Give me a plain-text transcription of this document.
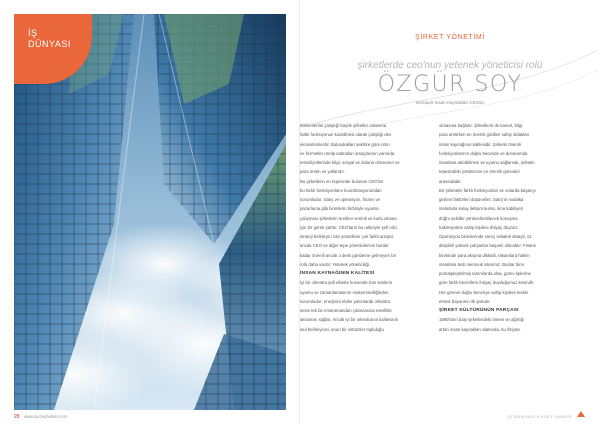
İŞ
DÜNYASI
28 www.kuzeyhaber.com
ŞİRKET YÖNETİMİ
şirketlerde ceo'nun yetenek yöneticisi rolü
ÖZGÜR SOY
Europort İnsan Kaynakları CEOsu

Birikimlerimi çalıştığı büyük şirketler ortamına

farklı fonksiyonun koordinesi olarak çalıştığı dev

ekosistemlerdir. Bulundukları sektöre göre ürün

ve hizmetler üretip satmaları amaçlarının yanında

temsiliyetlerinde bilgi, sosyal ve doluna olmasının ve

para üretin ve yollarıdır.

Bu şirketlerin en tepesinde bulunan CEO'lar

bu farklı fonksiyonların koordinasyonundan

sorumludur. Satış ve operasyon, finans ve

pazarlama gibi birimlerin birbiriyle uyumlu

çalışması şirketlerin üretilen verimli ve kurlu olması

için bir gerek şarttır. CEO'ların bu rolleriyle şefi rolü,

strateji belirleyici rolü yönetilirse çok farklı artışlar,

ancak CEO ve diğer tepe yöneticilerinin bunlar

kadar önemli ancak o denli gündeme gelmeyen bir

rolü daha vardır: Yetenek yöneticiliği.

İNSAN KAYNAĞININ KALİTESİ

İyi bir orkestra şefi elbette konserde tüm seslerin

uyumu ve zamanlamasının mükemmelliğinden

sorumludur; enerjisini ekibe yansıtarak orkestra

sesin tek bir enstrümandan çıkarcasına eserlikle

akmasını sağlar. Ancak iyi bir orkestranın kalitesinin

asıl belirleyicisi, onun bir virtüözler topluluğu

olmasına bağlıdır. Şirketlerin de kamet, bilgi,

para üretirken en önemli girdileri sahip oldukları

insan kaynağının kalitesidir. Şirketin önemli

fonksiyonlarının doğru beceride ve donanımda

insanlara atılabilmesi ve uyumu sağlamak, şirketin

tepesindeki yöneticinin en önemli görevleri

arasındadır.

Bir şirketteki farklı fonksiyonları ve onlarda başarıyı

getiren faktörleri düşünelim: Satış'ın mutlaka

insanlarla kolay iletişim kuran, ikna kabiliyeti

doğru şekilde yönlendirebilecek konuşma

hakimiyetine sahip kişilere ihtiyaç duyarız.

Operasyon birimlerinde süreç vekaleti detaylı, öz

disiplinli yüksek çalışanlar başarılı olacaktır. Finans

biriminde para akışına dikkatli, rakamlara hakim

insanlara tesli memnuk istenmiz. Bunlar birer

prototipleştirilmiş tanımlarda olsa, görev tiplerine

göre farklı becerilere ihtiyaç duyduğumuz kesindir.

Her göreve doğru beceriye sahip kişilere teslim

etmek başarının ilk şartıdır.

ŞİRKET KÜLTÜRÜNÜN PARÇASI

1990'ların başı şirketlerdeki önemi ve ağırlığı

artan insan kaynakları alanında, bu ihtiyacı

İŞ DÜNYASI KUZEY HABER
